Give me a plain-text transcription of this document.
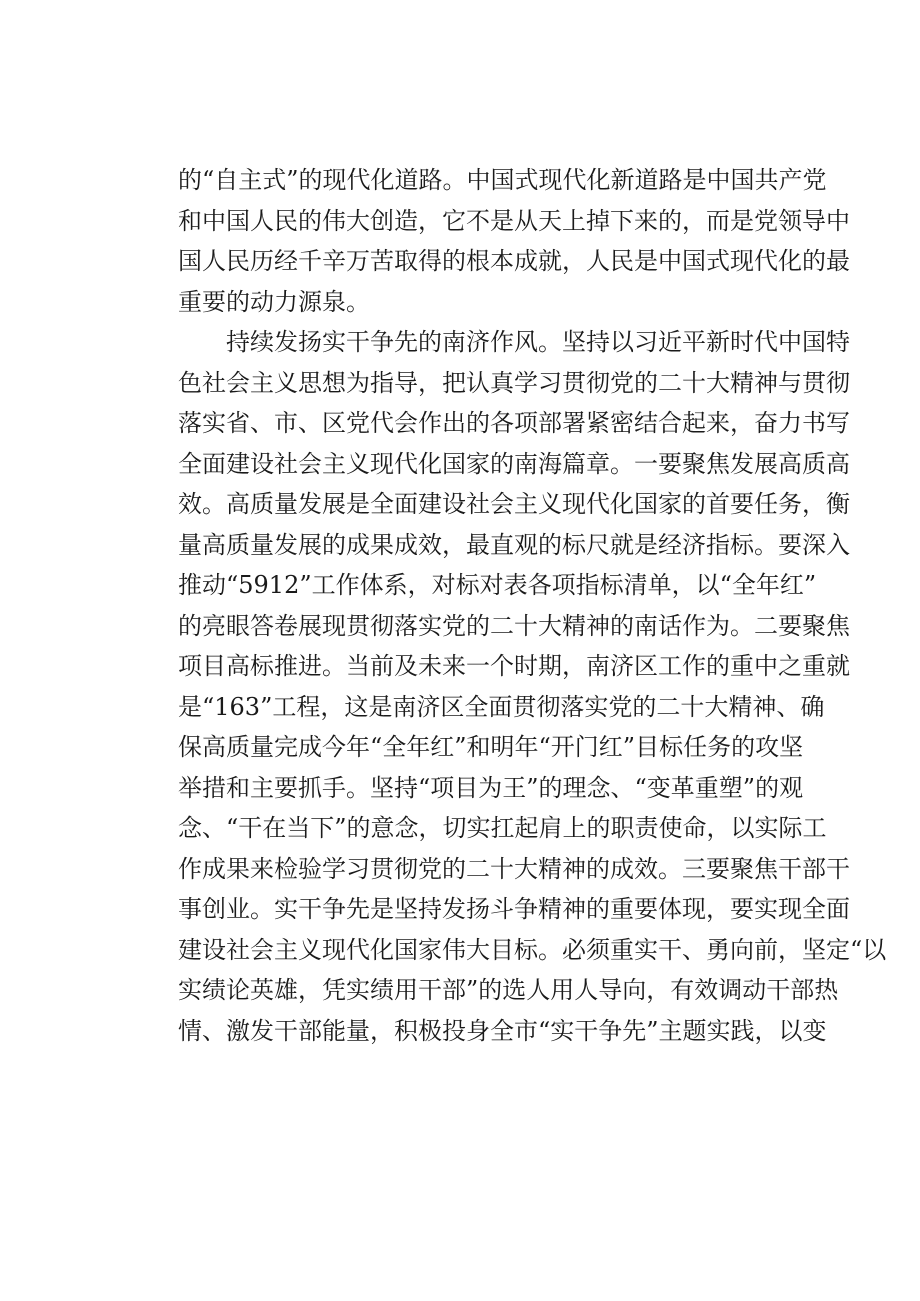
的“自主式”的现代化道路。中国式现代化新道路是中国共产党
和中国人民的伟大创造，它不是从天上掉下来的，而是党领导中
国人民历经千辛万苦取得的根本成就，人民是中国式现代化的最
重要的动力源泉。
持续发扬实干争先的南济作风。坚持以习近平新时代中国特
色社会主义思想为指导，把认真学习贯彻党的二十大精神与贯彻
落实省、市、区党代会作出的各项部署紧密结合起来，奋力书写
全面建设社会主义现代化国家的南海篇章。一要聚焦发展高质高
效。高质量发展是全面建设社会主义现代化国家的首要任务，衡
量高质量发展的成果成效，最直观的标尺就是经济指标。要深入
推动“5912”工作体系，对标对表各项指标清单，以“全年红”
的亮眼答卷展现贯彻落实党的二十大精神的南话作为。二要聚焦
项目高标推进。当前及未来一个时期，南济区工作的重中之重就
是“163”工程，这是南济区全面贯彻落实党的二十大精神、确
保高质量完成今年“全年红”和明年“开门红”目标任务的攻坚
举措和主要抓手。坚持“项目为王”的理念、“变革重塑”的观
念、“干在当下”的意念，切实扛起肩上的职责使命，以实际工
作成果来检验学习贯彻党的二十大精神的成效。三要聚焦干部干
事创业。实干争先是坚持发扬斗争精神的重要体现，要实现全面
建设社会主义现代化国家伟大目标。必须重实干、勇向前，坚定“以
实绩论英雄，凭实绩用干部”的选人用人导向，有效调动干部热
情、激发干部能量，积极投身全市“实干争先”主题实践，以变
